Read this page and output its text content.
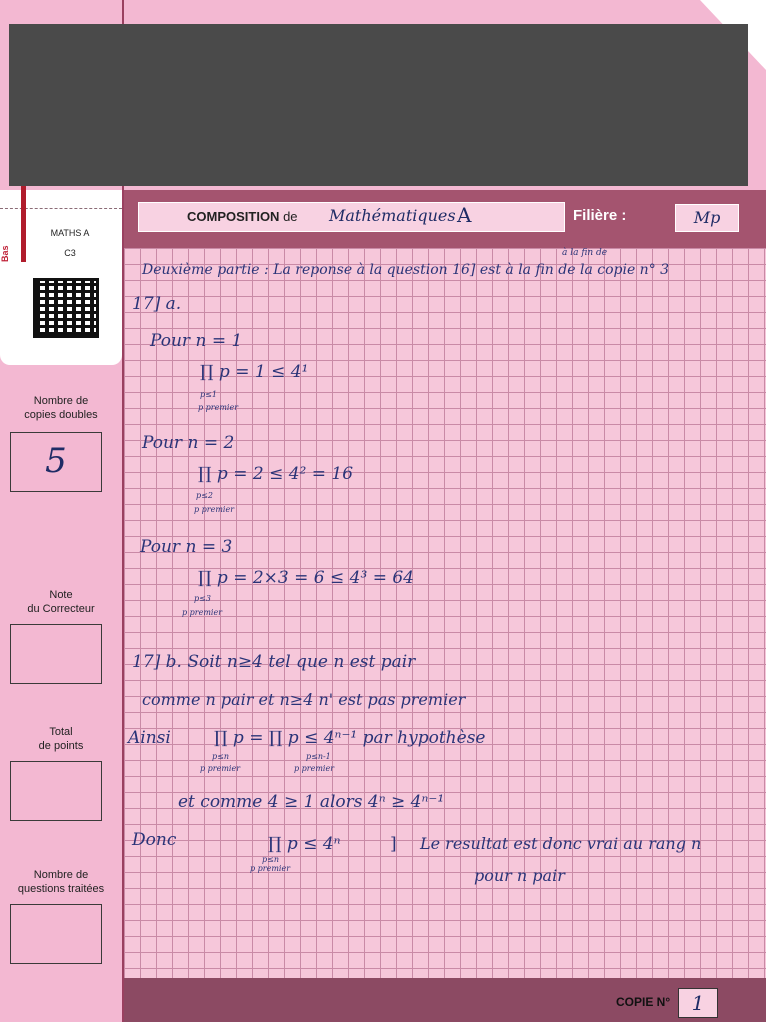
Bas
MATHS A
C3
Nombre de
copies doubles
5
Note
du Correcteur
Total
de points
Nombre de
questions traitées
COMPOSITION de Mathématiques A	Filière :	Mp
à la fin de
Deuxième partie : La reponse à la question 16] est à la fin de la copie n° 3
17] a.
Pour n = 1
∏ p = 1 ≤ 4¹
p≤1
p premier
Pour n = 2
∏ p = 2 ≤ 4² = 16
p≤2
p premier
Pour n = 3
∏ p = 2×3 = 6 ≤ 4³ = 64
p≤3
p premier
17] b. Soit n≥4 tel que n est pair
comme n pair et n≥4 n' est pas premier
Ainsi	∏ p = ∏ p ≤ 4ⁿ⁻¹ par hypothèse
p≤n
p premier
p≤n-1
p premier
et comme 4 ≥ 1 alors 4ⁿ ≥ 4ⁿ⁻¹
Donc	∏ p ≤ 4ⁿ
p≤n
p premier
] Le resultat est donc vrai au rang n
pour n pair
COPIE N°	1
